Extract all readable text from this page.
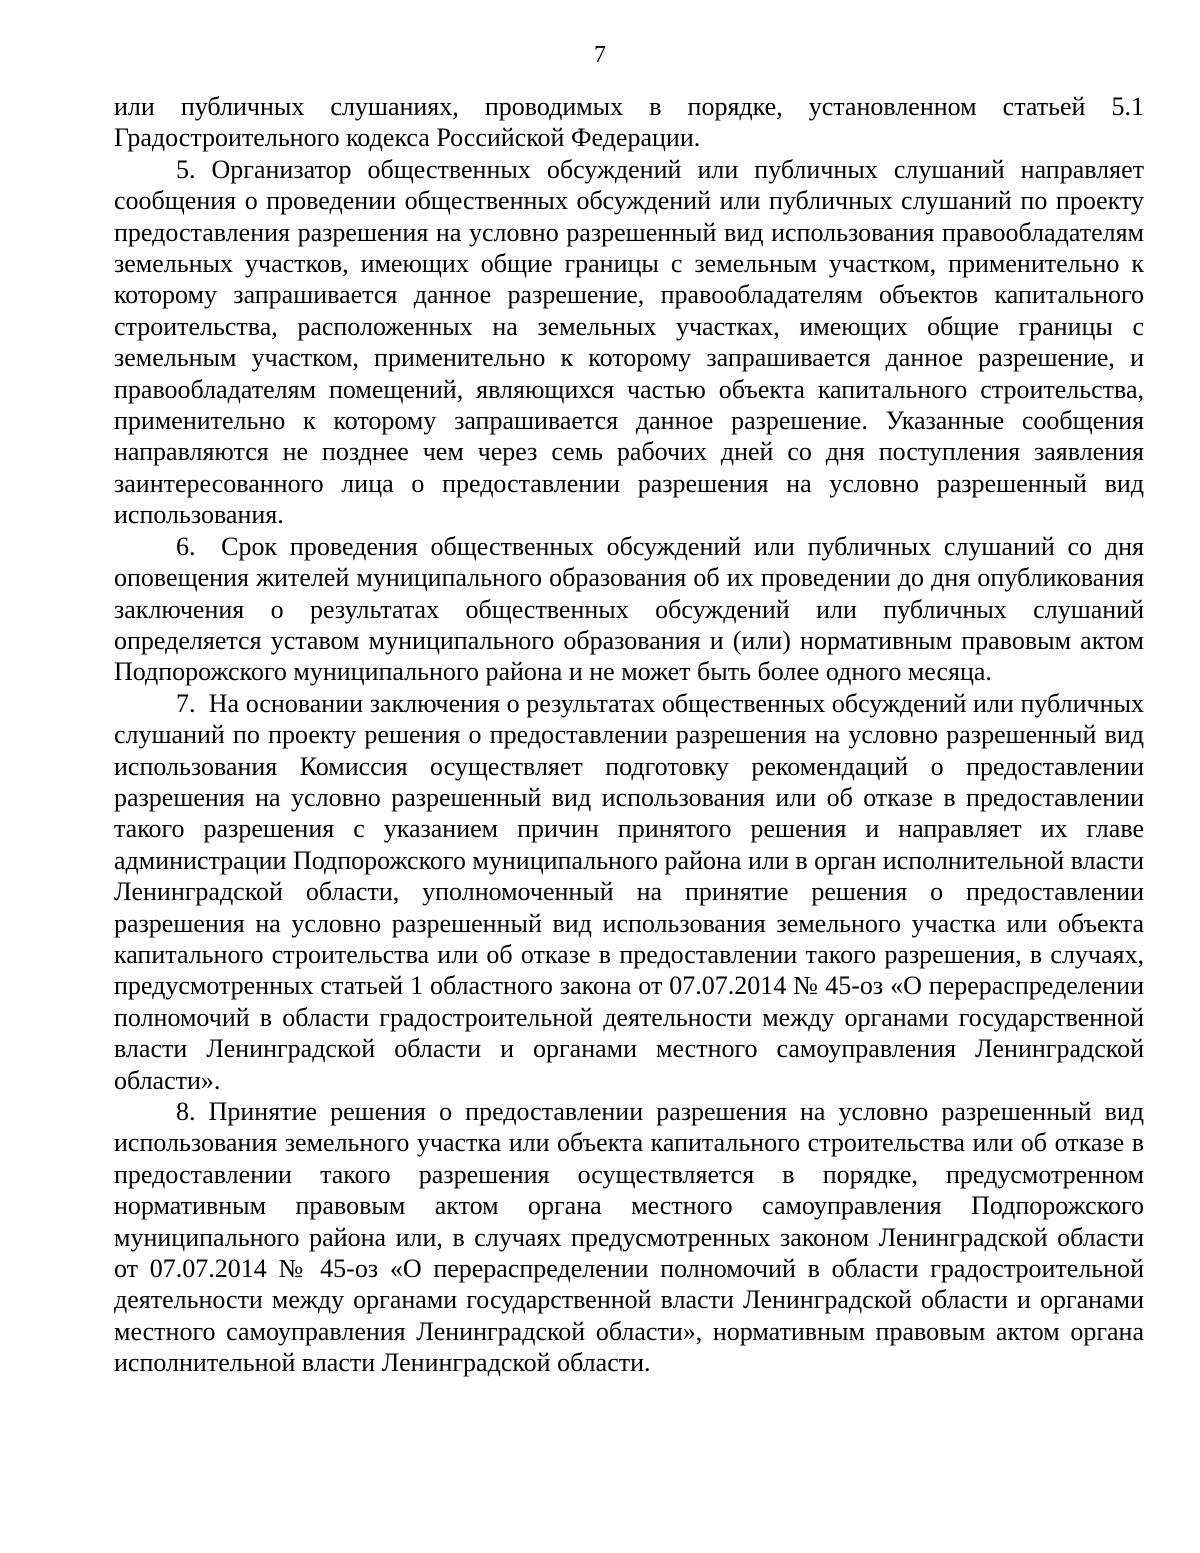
7

или публичных слушаниях, проводимых в порядке, установленном статьей 5.1 Градостроительного кодекса Российской Федерации.

5. Организатор общественных обсуждений или публичных слушаний направляет сообщения о проведении общественных обсуждений или публичных слушаний по проекту предоставления разрешения на условно разрешенный вид использования правообладателям земельных участков, имеющих общие границы с земельным участком, применительно к которому запрашивается данное разрешение, правообладателям объектов капитального строительства, расположенных на земельных участках, имеющих общие границы с земельным участком, применительно к которому запрашивается данное разрешение, и правообладателям помещений, являющихся частью объекта капитального строительства, применительно к которому запрашивается данное разрешение. Указанные сообщения направляются не позднее чем через семь рабочих дней со дня поступления заявления заинтересованного лица о предоставлении разрешения на условно разрешенный вид использования.

6. Срок проведения общественных обсуждений или публичных слушаний со дня оповещения жителей муниципального образования об их проведении до дня опубликования заключения о результатах общественных обсуждений или публичных слушаний определяется уставом муниципального образования и (или) нормативным правовым актом Подпорожского муниципального района и не может быть более одного месяца.

7. На основании заключения о результатах общественных обсуждений или публичных слушаний по проекту решения о предоставлении разрешения на условно разрешенный вид использования Комиссия осуществляет подготовку рекомендаций о предоставлении разрешения на условно разрешенный вид использования или об отказе в предоставлении такого разрешения с указанием причин принятого решения и направляет их главе администрации Подпорожского муниципального района или в орган исполнительной власти Ленинградской области, уполномоченный на принятие решения о предоставлении разрешения на условно разрешенный вид использования земельного участка или объекта капитального строительства или об отказе в предоставлении такого разрешения, в случаях, предусмотренных статьей 1 областного закона от 07.07.2014 № 45-оз «О перераспределении полномочий в области градостроительной деятельности между органами государственной власти Ленинградской области и органами местного самоуправления Ленинградской области».

8. Принятие решения о предоставлении разрешения на условно разрешенный вид использования земельного участка или объекта капитального строительства или об отказе в предоставлении такого разрешения осуществляется в порядке, предусмотренном нормативным правовым актом органа местного самоуправления Подпорожского муниципального района или, в случаях предусмотренных законом Ленинградской области от 07.07.2014 № 45-оз «О перераспределении полномочий в области градостроительной деятельности между органами государственной власти Ленинградской области и органами местного самоуправления Ленинградской области», нормативным правовым актом органа исполнительной власти Ленинградской области.
